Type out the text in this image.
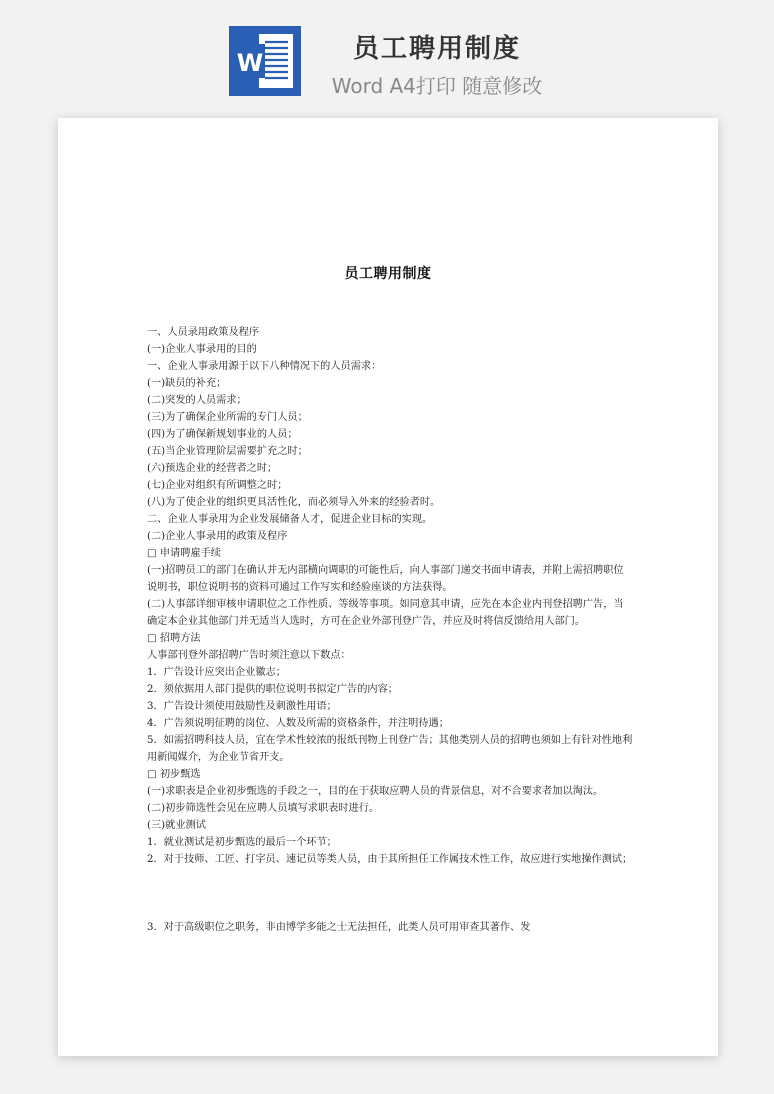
W	员工聘用制度
Word A4打印 随意修改
员工聘用制度
一、人员录用政策及程序
(一)企业人事录用的目的
一、企业人事录用源于以下八种情况下的人员需求：
(一)缺员的补充；
(二)突发的人员需求；
(三)为了确保企业所需的专门人员；
(四)为了确保新规划事业的人员；
(五)当企业管理阶层需要扩充之时；
(六)预选企业的经营者之时；
(七)企业对组织有所调整之时；
(八)为了使企业的组织更具活性化，而必须导入外来的经验者时。
二、企业人事录用为企业发展储备人才，促进企业目标的实现。
(二)企业人事录用的政策及程序
□ 申请聘雇手续
(一)招聘员工的部门在确认并无内部横向调职的可能性后，向人事部门递交书面申请表，并附上需招聘职位说明书，职位说明书的资料可通过工作写实和经验座谈的方法获得。
(二)人事部详细审核申请职位之工作性质、等级等事项。如同意其申请，应先在本企业内刊登招聘广告，当确定本企业其他部门并无适当人选时，方可在企业外部刊登广告，并应及时将信反馈给用人部门。
□ 招聘方法
人事部刊登外部招聘广告时须注意以下数点：
1．广告设计应突出企业徽志；
2．须依据用人部门提供的职位说明书拟定广告的内容；
3．广告设计须使用鼓励性及刺激性用语；
4．广告须说明征聘的岗位、人数及所需的资格条件，并注明待遇；
5．如需招聘科技人员，宜在学术性较浓的报纸刊物上刊登广告；其他类别人员的招聘也须如上有针对性地利用新闻媒介，为企业节省开支。
□ 初步甄选
(一)求职表是企业初步甄选的手段之一，目的在于获取应聘人员的背景信息，对不合要求者加以淘汰。
(二)初步筛选性会见在应聘人员填写求职表时进行。
(三)就业测试
1．就业测试是初步甄选的最后一个环节；
2．对于技师、工匠、打字员、速记员等类人员，由于其所担任工作属技术性工作，故应进行实地操作测试；
3．对于高级职位之职务，非由博学多能之士无法担任，此类人员可用审查其著作、发
